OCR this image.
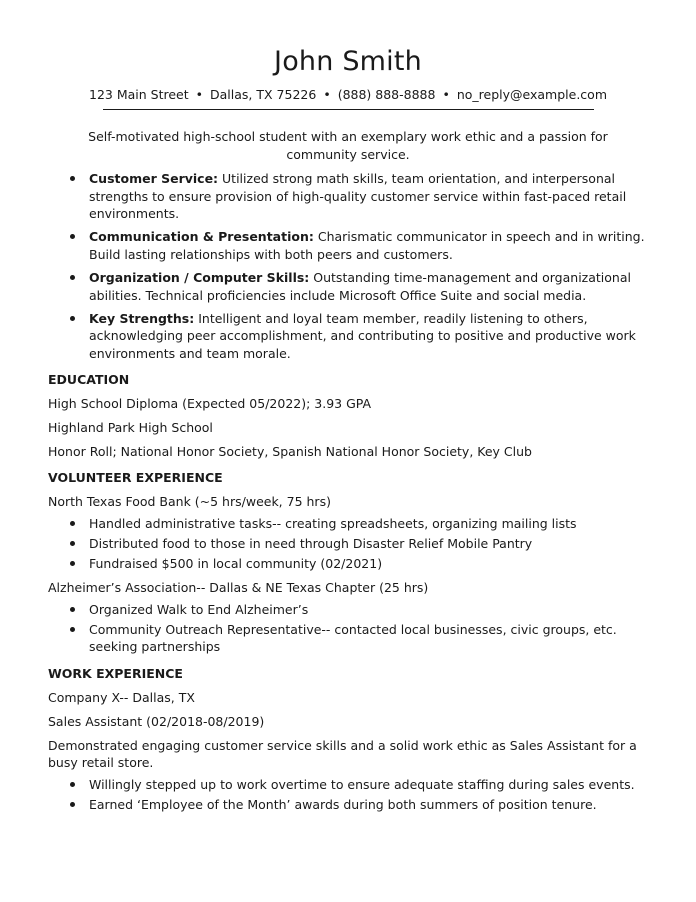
John Smith
123 Main Street • Dallas, TX 75226 • (888) 888-8888 • no_reply@example.com
Self-motivated high-school student with an exemplary work ethic and a passion for community service.
Customer Service: Utilized strong math skills, team orientation, and interpersonal strengths to ensure provision of high-quality customer service within fast-paced retail environments.
Communication & Presentation: Charismatic communicator in speech and in writing. Build lasting relationships with both peers and customers.
Organization / Computer Skills: Outstanding time-management and organizational abilities. Technical proficiencies include Microsoft Office Suite and social media.
Key Strengths: Intelligent and loyal team member, readily listening to others, acknowledging peer accomplishment, and contributing to positive and productive work environments and team morale.
EDUCATION
High School Diploma (Expected 05/2022); 3.93 GPA
Highland Park High School
Honor Roll; National Honor Society, Spanish National Honor Society, Key Club
VOLUNTEER EXPERIENCE
North Texas Food Bank (~5 hrs/week, 75 hrs)
Handled administrative tasks-- creating spreadsheets, organizing mailing lists
Distributed food to those in need through Disaster Relief Mobile Pantry
Fundraised $500 in local community (02/2021)
Alzheimer’s Association-- Dallas & NE Texas Chapter (25 hrs)
Organized Walk to End Alzheimer’s
Community Outreach Representative-- contacted local businesses, civic groups, etc. seeking partnerships
WORK EXPERIENCE
Company X-- Dallas, TX
Sales Assistant (02/2018-08/2019)
Demonstrated engaging customer service skills and a solid work ethic as Sales Assistant for a busy retail store.
Willingly stepped up to work overtime to ensure adequate staffing during sales events.
Earned ‘Employee of the Month’ awards during both summers of position tenure.
